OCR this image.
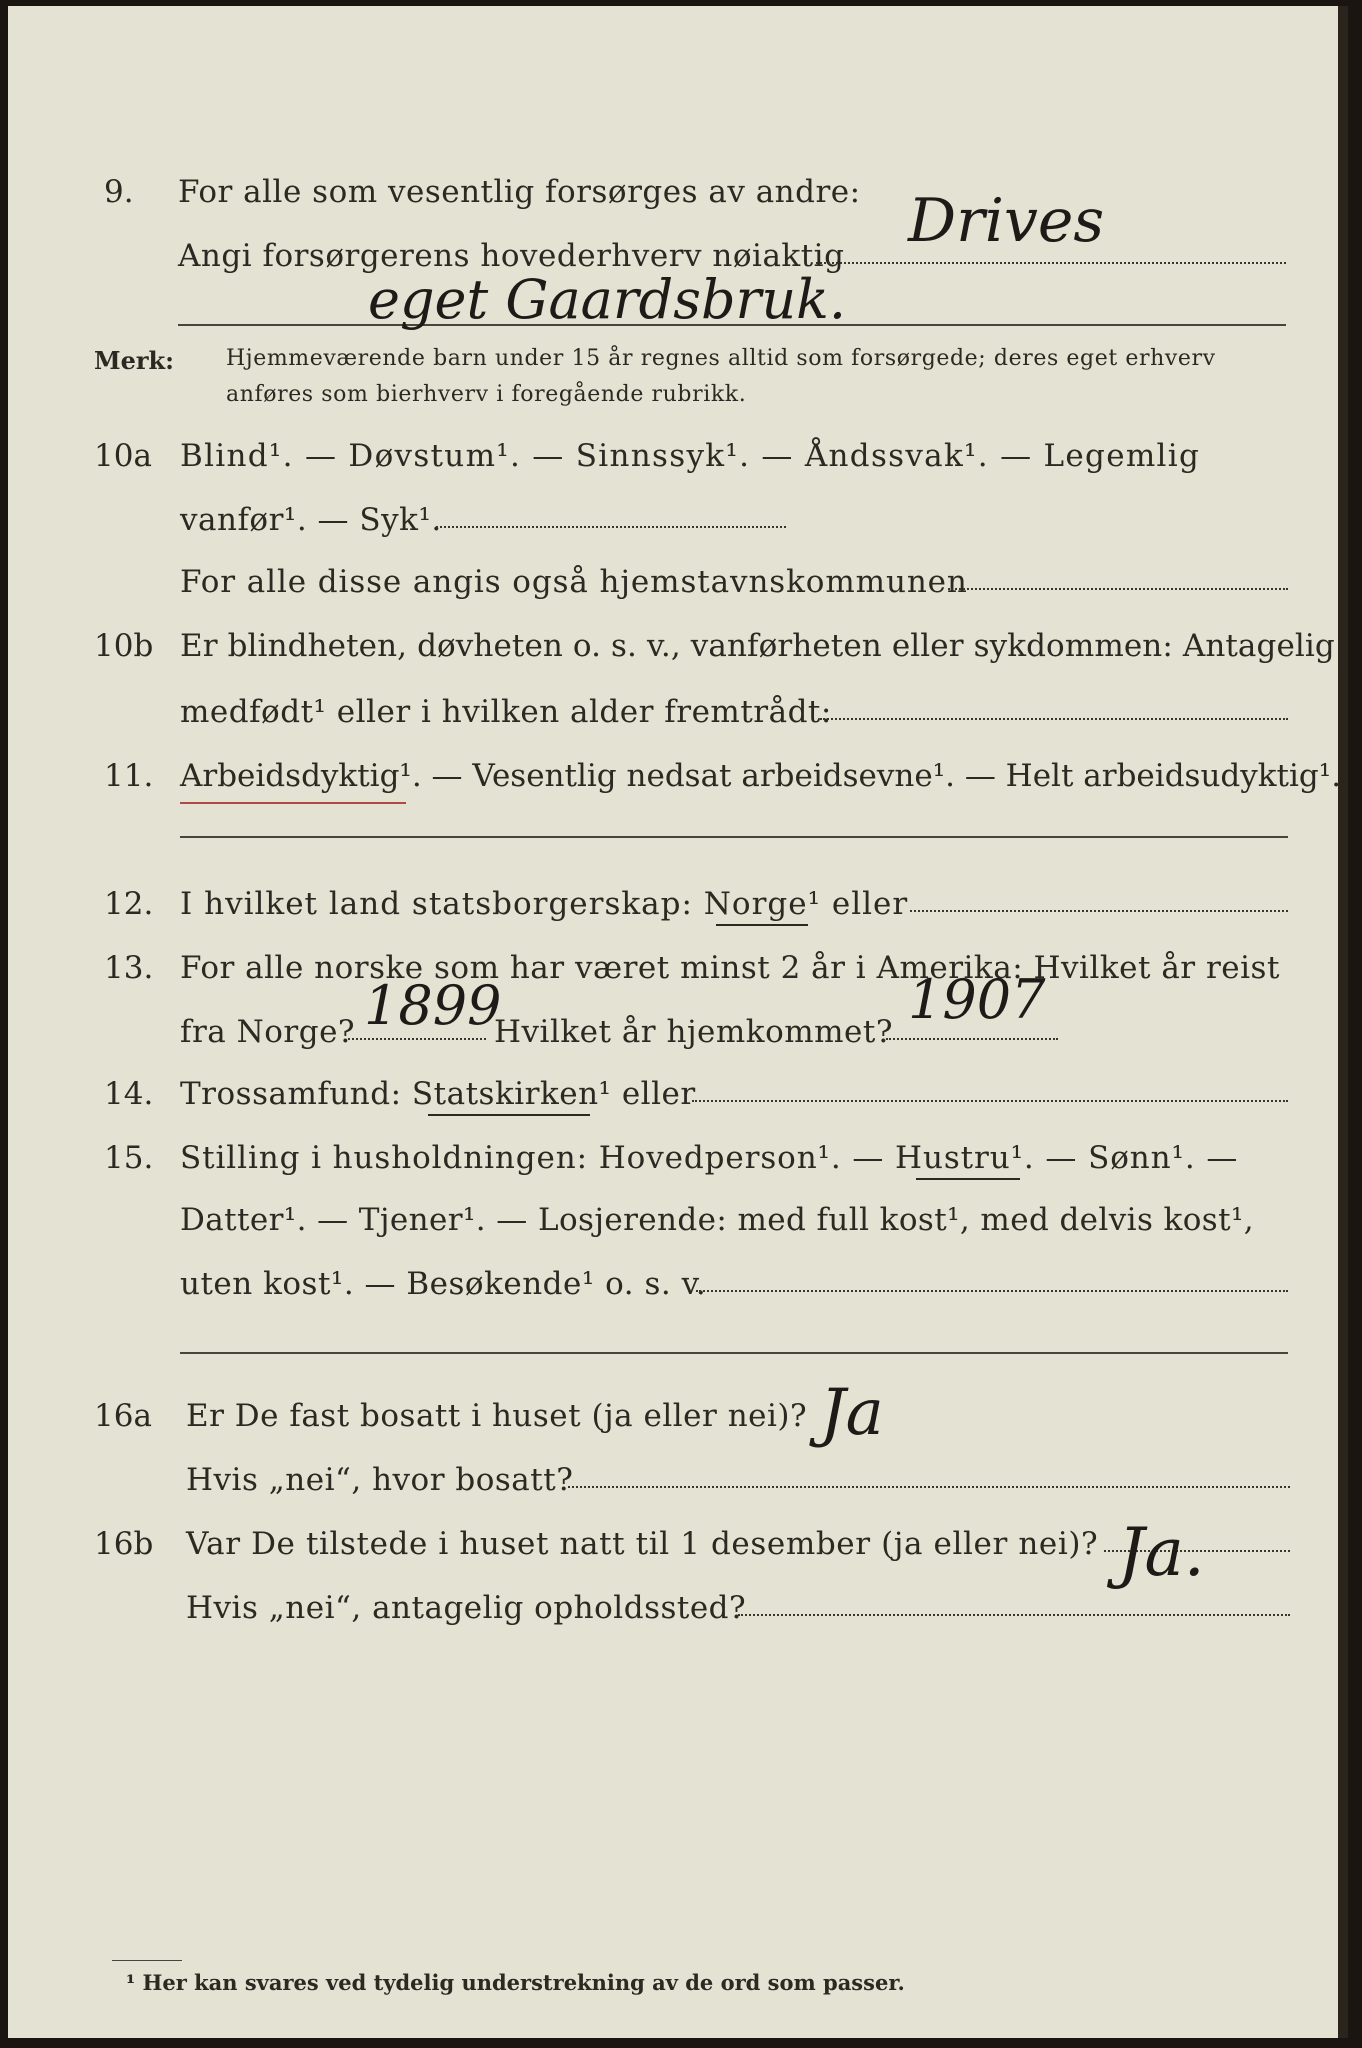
9. For alle som vesentlig forsørges av andre:
Angi forsørgerens hovederhverv nøiaktig Drives
eget Gaardsbruk.
Merk: Hjemmeværende barn under 15 år regnes alltid som forsørgede; deres eget erhverv
anføres som bierhverv i foregående rubrikk.
10a Blind¹. — Døvstum¹. — Sinnssyk¹. — Åndssvak¹. — Legemlig
vanfør¹. — Syk¹.
For alle disse angis også hjemstavnskommunen
10b Er blindheten, døvheten o. s. v., vanførheten eller sykdommen: Antagelig
medfødt¹ eller i hvilken alder fremtrådt:
11. Arbeidsdyktig¹. — Vesentlig nedsat arbeidsevne¹. — Helt arbeidsudyktig¹.
12. I hvilket land statsborgerskap: Norge¹ eller
13. For alle norske som har været minst 2 år i Amerika: Hvilket år reist
fra Norge? 1899
Hvilket år hjemkommet?
1907
14. Trossamfund: Statskirken¹ eller
15. Stilling i husholdningen: Hovedperson¹. — Hustru¹. — Sønn¹. —
Datter¹. — Tjener¹. — Losjerende: med full kost¹, med delvis kost¹,
uten kost¹. — Besøkende¹ o. s. v.
16a Er De fast bosatt i huset (ja eller nei)? Ja
Hvis „nei“, hvor bosatt?
16b Var De tilstede i huset natt til 1 desember (ja eller nei)? Ja.
Hvis „nei“, antagelig opholdssted?
¹ Her kan svares ved tydelig understrekning av de ord som passer.
